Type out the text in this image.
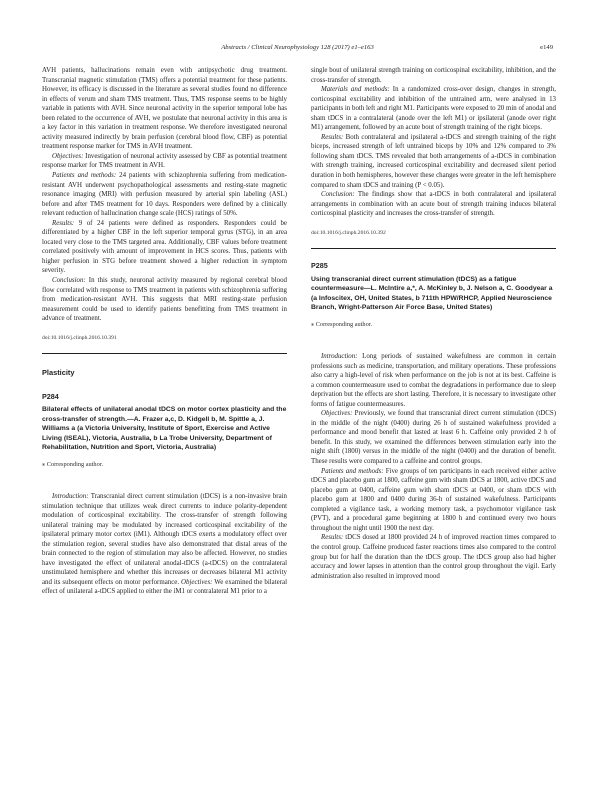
Abstracts / Clinical Neurophysiology 128 (2017) e1–e163	e149

AVH patients, hallucinations remain even with antipsychotic drug treatment. Transcranial magnetic stimulation (TMS) offers a potential treatment for these patients. However, its efficacy is discussed in the literature as several studies found no difference in effects of verum and sham TMS treatment. Thus, TMS response seems to be highly variable in patients with AVH. Since neuronal activity in the superior temporal lobe has been related to the occurrence of AVH, we postulate that neuronal activity in this area is a key factor in this variation in treatment response. We therefore investigated neuronal activity measured indirectly by brain perfusion (cerebral blood flow, CBF) as potential treatment response marker for TMS in AVH treatment.

Objectives: Investigation of neuronal activity assessed by CBF as potential treatment response marker for TMS treatment in AVH.

Patients and methods: 24 patients with schizophrenia suffering from medication-resistant AVH underwent psychopathological assessments and resting-state magnetic resonance imaging (MRI) with perfusion measured by arterial spin labeling (ASL) before and after TMS treatment for 10 days. Responders were defined by a clinically relevant reduction of hallucination change scale (HCS) ratings of 50%.

Results: 9 of 24 patients were defined as responders. Responders could be differentiated by a higher CBF in the left superior temporal gyrus (STG), in an area located very close to the TMS targeted area. Additionally, CBF values before treatment correlated positively with amount of improvement in HCS scores. Thus, patients with higher perfusion in STG before treatment showed a higher reduction in symptom severity.

Conclusion: In this study, neuronal activity measured by regional cerebral blood flow correlated with response to TMS treatment in patients with schizophrenia suffering from medication-resistant AVH. This suggests that MRI resting-state perfusion measurement could be used to identify patients benefitting from TMS treatment in advance of treatment.

doi:10.1016/j.clinph.2016.10.391
Plasticity
P284
Bilateral effects of unilateral anodal tDCS on motor cortex plasticity and the cross-transfer of strength.—A. Frazer a,c, D. Kidgell b, M. Spittle a, J. Williams a (a Victoria University, Institute of Sport, Exercise and Active Living (ISEAL), Victoria, Australia, b La Trobe University, Department of Rehabilitation, Nutrition and Sport, Victoria, Australia)
⁎ Corresponding author.

Introduction: Transcranial direct current stimulation (tDCS) is a non-invasive brain stimulation technique that utilizes weak direct currents to induce polarity-dependent modulation of corticospinal excitability. The cross-transfer of strength following unilateral training may be modulated by increased corticospinal excitability of the ipsilateral primary motor cortex (iM1). Although tDCS exerts a modulatory effect over the stimulation region, several studies have also demonstrated that distal areas of the brain connected to the region of stimulation may also be affected. However, no studies have investigated the effect of unilateral anodal-tDCS (a-tDCS) on the contralateral unstimulated hemisphere and whether this increases or decreases bilateral M1 activity and its subsequent effects on motor performance. Objectives: We examined the bilateral effect of unilateral a-tDCS applied to either the iM1 or contralateral M1 prior to a

single bout of unilateral strength training on corticospinal excitability, inhibition, and the cross-transfer of strength.

Materials and methods: In a randomized cross-over design, changes in strength, corticospinal excitability and inhibition of the untrained arm, were analysed in 13 participants in both left and right M1. Participants were exposed to 20 min of anodal and sham tDCS in a contralateral (anode over the left M1) or ipsilateral (anode over right M1) arrangement, followed by an acute bout of strength training of the right biceps.

Results: Both contralateral and ipsilateral a-tDCS and strength training of the right biceps, increased strength of left untrained biceps by 10% and 12% compared to 3% following sham tDCS. TMS revealed that both arrangements of a-tDCS in combination with strength training, increased corticospinal excitability and decreased silent period duration in both hemispheres, however these changes were greater in the left hemisphere compared to sham tDCS and training (P < 0.05).

Conclusion: The findings show that a-tDCS in both contralateral and ipsilateral arrangements in combination with an acute bout of strength training induces bilateral corticospinal plasticity and increases the cross-transfer of strength.

doi:10.1016/j.clinph.2016.10.392
P285
Using transcranial direct current stimulation (tDCS) as a fatigue countermeasure—L. McIntire a,*, A. McKinley b, J. Nelson a, C. Goodyear a (a Infoscitex, OH, United States, b 711th HPW/RHCP, Applied Neuroscience Branch, Wright-Patterson Air Force Base, United States)
⁎ Corresponding author.

Introduction: Long periods of sustained wakefulness are common in certain professions such as medicine, transportation, and military operations. These professions also carry a high-level of risk when performance on the job is not at its best. Caffeine is a common countermeasure used to combat the degradations in performance due to sleep deprivation but the effects are short lasting. Therefore, it is necessary to investigate other forms of fatigue countermeasures.

Objectives: Previously, we found that transcranial direct current stimulation (tDCS) in the middle of the night (0400) during 26 h of sustained wakefulness provided a performance and mood benefit that lasted at least 6 h. Caffeine only provided 2 h of benefit. In this study, we examined the differences between stimulation early into the night shift (1800) versus in the middle of the night (0400) and the duration of benefit. These results were compared to a caffeine and control groups.

Patients and methods: Five groups of ten participants in each received either active tDCS and placebo gum at 1800, caffeine gum with sham tDCS at 1800, active tDCS and placebo gum at 0400, caffeine gum with sham tDCS at 0400, or sham tDCS with placebo gum at 1800 and 0400 during 36-h of sustained wakefulness. Participants completed a vigilance task, a working memory task, a psychomotor vigilance task (PVT), and a procedural game beginning at 1800 h and continued every two hours throughout the night until 1900 the next day.

Results: tDCS dosed at 1800 provided 24 h of improved reaction times compared to the control group. Caffeine produced faster reactions times also compared to the control group but for half the duration than the tDCS group. The tDCS group also had higher accuracy and lower lapses in attention than the control group throughout the vigil. Early administration also resulted in improved mood
